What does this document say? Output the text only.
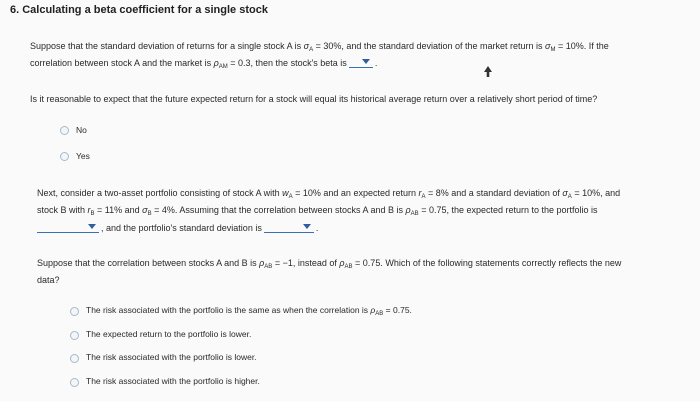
6. Calculating a beta coefficient for a single stock
Suppose that the standard deviation of returns for a single stock A is $\sigma_A = 30\%$, and the standard deviation of the market return is $\sigma_M = 10\%$. If the
correlation between stock A and the market is $\rho_{AM} = 0.3$, then the stock's beta is	.
Is it reasonable to expect that the future expected return for a stock will equal its historical average return over a relatively short period of time?
No
Yes
Next, consider a two-asset portfolio consisting of stock A with $w_A = 10\%$ and an expected return $r_A = 8\%$ and a standard deviation of $\sigma_A = 10\%$, and
stock B with $r_B = 11\%$ and $\sigma_B = 4\%$. Assuming that the correlation between stocks A and B is $\rho_{AB} = 0.75$, the expected return to the portfolio is
, and the portfolio's standard deviation is	.
Suppose that the correlation between stocks A and B is $\rho_{AB} = -1$, instead of $\rho_{AB} = 0.75$. Which of the following statements correctly reflects the new
data?
The risk associated with the portfolio is the same as when the correlation is $\rho_{AB} = 0.75$.
The expected return to the portfolio is lower.
The risk associated with the portfolio is lower.
The risk associated with the portfolio is higher.
